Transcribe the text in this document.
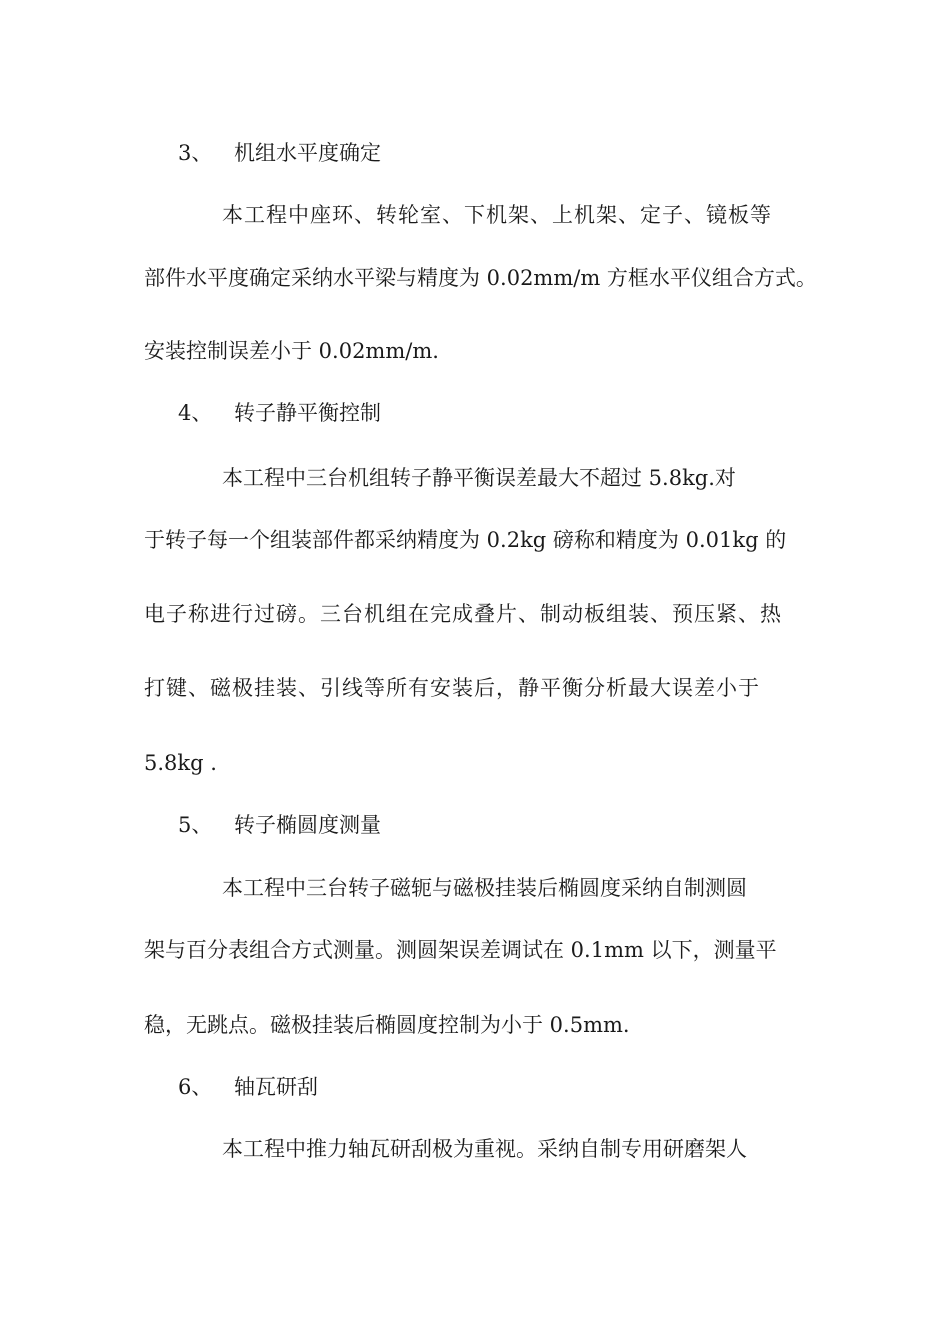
3、 机组水平度确定
本工程中座环、转轮室、下机架、上机架、定子、镜板等
部件水平度确定采纳水平梁与精度为 0.02mm/m 方框水平仪组合方式。
安装控制误差小于 0.02mm/m.
4、 转子静平衡控制
本工程中三台机组转子静平衡误差最大不超过 5.8kg.对
于转子每一个组装部件都采纳精度为 0.2kg 磅称和精度为 0.01kg 的
电子称进行过磅。三台机组在完成叠片、制动板组装、预压紧、热
打键、磁极挂装、引线等所有安装后，静平衡分析最大误差小于
5.8kg .
5、 转子椭圆度测量
本工程中三台转子磁轭与磁极挂装后椭圆度采纳自制测圆
架与百分表组合方式测量。测圆架误差调试在 0.1mm 以下，测量平
稳，无跳点。磁极挂装后椭圆度控制为小于 0.5mm.
6、 轴瓦研刮
本工程中推力轴瓦研刮极为重视。采纳自制专用研磨架人
